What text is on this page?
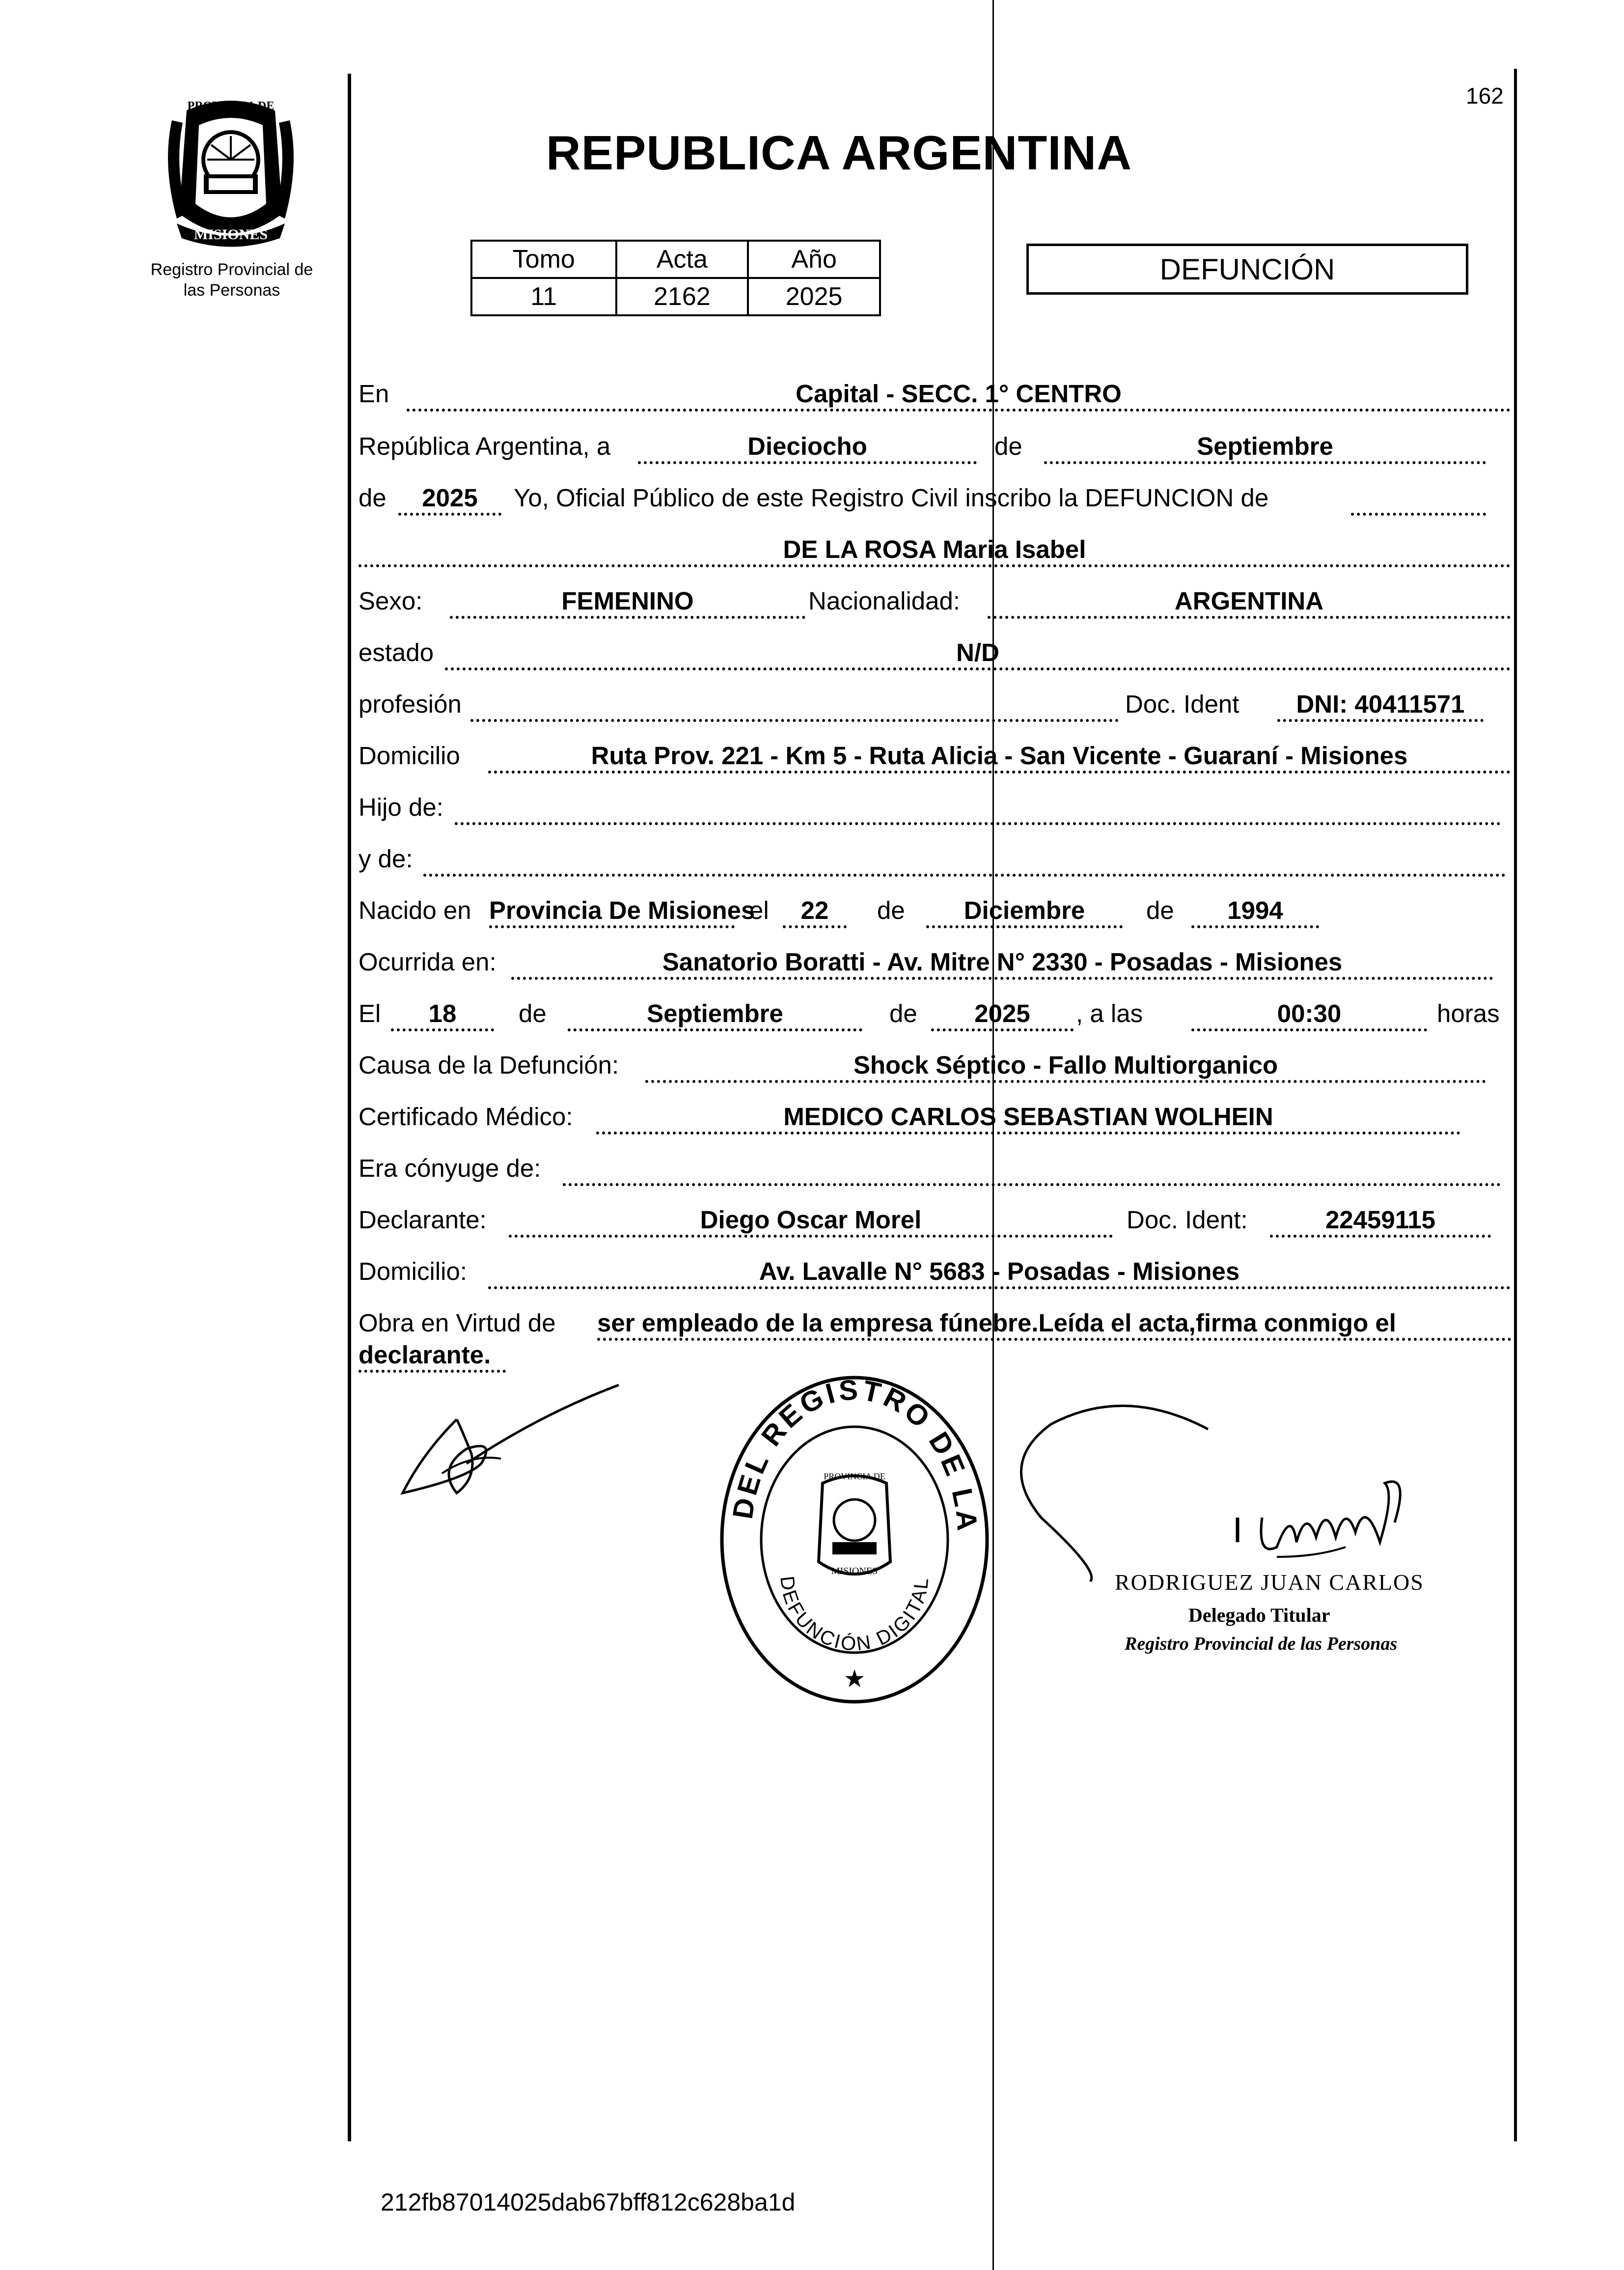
MISIONES
PROVINCIA DE
Registro Provincial de
las Personas
162
REPUBLICA ARGENTINA
Tomo	Acta	Año
11	2162	2025
DEFUNCIÓN
En	Capital - SECC. 1° CENTRO
República Argentina, a	Dieciocho	de	Septiembre
de	2025	Yo, Oficial Público de este Registro Civil inscribo la DEFUNCION de
DE LA ROSA Maria Isabel
Sexo:	FEMENINO	Nacionalidad:	ARGENTINA
estado	N/D
profesión	Doc. Ident	DNI: 40411571
Domicilio	Ruta Prov. 221 - Km 5 - Ruta Alicia - San Vicente - Guaraní - Misiones
Hijo de:
y de:
Nacido en Provincia De Misiones
el	22	de	Diciembre	de	1994
Ocurrida en:	Sanatorio Boratti - Av. Mitre N° 2330 - Posadas - Misiones
El	18	de	Septiembre	de	2025	, a las	00:30	horas
Causa de la Defunción:	Shock Séptico - Fallo Multiorganico
Certificado Médico:	MEDICO CARLOS SEBASTIAN WOLHEIN
Era cónyuge de:
Declarante:	Diego Oscar Morel	Doc. Ident:	22459115
Domicilio:	Av. Lavalle N° 5683 - Posadas - Misiones
Obra en Virtud de ser empleado de la empresa fúnebre.Leída el acta,firma conmigo el
declarante.	DELEGACIÓN DEL REGISTRO DE LAS PERSONAS
DEFUNCIÓN DIGITAL
PROVINCIA DE
MISIONES
★
RODRIGUEZ JUAN CARLOS
Delegado Titular
Registro Provincial de las Personas
212fb87014025dab67bff812c628ba1d
